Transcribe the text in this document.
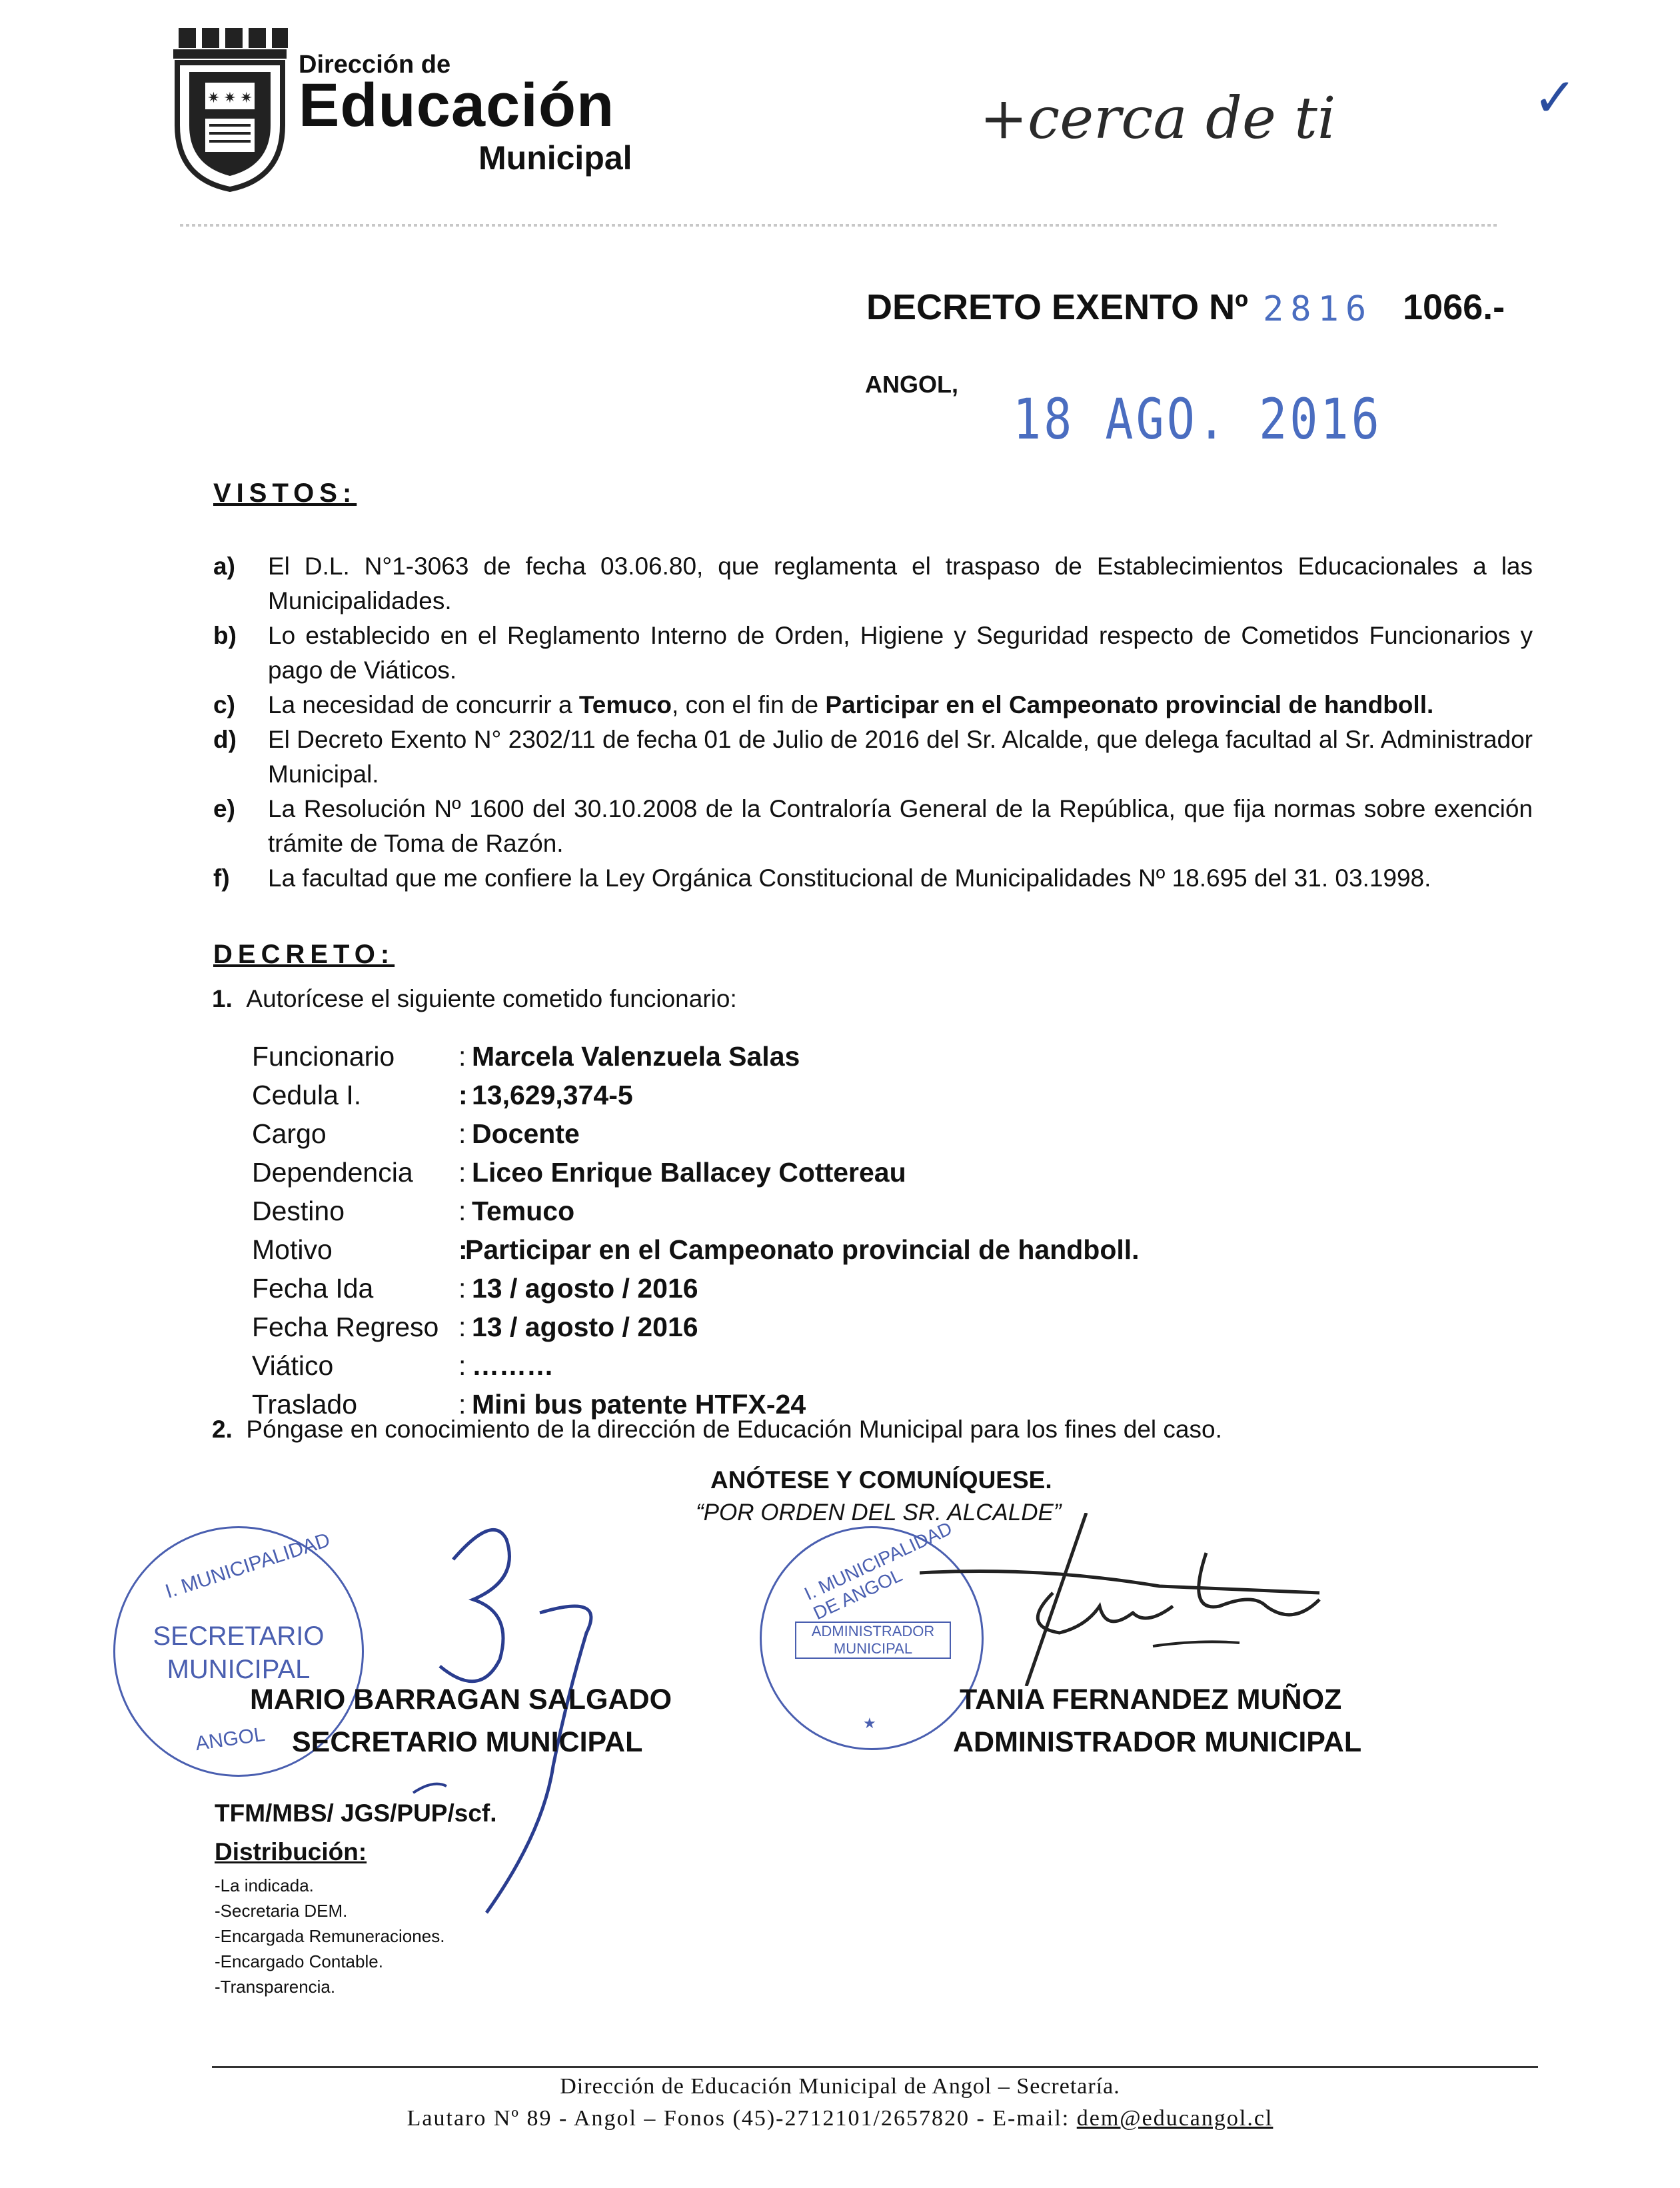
✷ ✷ ✷
Dirección de
Educación
Municipal
+cerca de ti	✓
DECRETO EXENTO Nº 2816 1066.-
ANGOL,
18 AGO. 2016
VISTOS:
a)	El D.L. N°1-3063 de fecha 03.06.80, que reglamenta el traspaso de Establecimientos Educacionales a las Municipalidades.
b)	Lo establecido en el Reglamento Interno de Orden, Higiene y Seguridad respecto de Cometidos Funcionarios y pago de Viáticos.
c)	La necesidad de concurrir a Temuco, con el fin de Participar en el Campeonato provincial de handboll.
d)	El Decreto Exento N° 2302/11 de fecha 01 de Julio de 2016 del Sr. Alcalde, que delega facultad al Sr. Administrador Municipal.
e)	La Resolución Nº 1600 del 30.10.2008 de la Contraloría General de la República, que fija normas sobre exención trámite de Toma de Razón.
f)	La facultad que me confiere la Ley Orgánica Constitucional de Municipalidades Nº 18.695 del 31. 03.1998.
DECRETO:
1. Autorícese el siguiente cometido funcionario:
Funcionario	: Marcela Valenzuela Salas
Cedula I.	: 13,629,374-5
Cargo	: Docente
Dependencia	: Liceo Enrique Ballacey Cottereau
Destino	: Temuco
Motivo	:
Participar en el Campeonato provincial de handboll.
Fecha Ida	: 13 / agosto / 2016
Fecha Regreso : 13 / agosto / 2016
Viático	: ………
Traslado	: Mini bus patente HTFX-24
2. Póngase en conocimiento de la dirección de Educación Municipal para los fines del caso.
ANÓTESE Y COMUNÍQUESE.
“POR ORDEN DEL SR. ALCALDE”
I. MUNICIPALIDAD
SECRETARIO
MUNICIPAL
ANGOL
I. MUNICIPALIDAD DE ANGOL
ADMINISTRADOR
MUNICIPAL
★
MARIO BARRAGAN SALGADO
SECRETARIO MUNICIPAL
TANIA FERNANDEZ MUÑOZ
ADMINISTRADOR MUNICIPAL
TFM/MBS/ JGS/PUP/scf.
Distribución:
-La indicada.
-Secretaria DEM.
-Encargada Remuneraciones.
-Encargado Contable.
-Transparencia.
Dirección de Educación Municipal de Angol – Secretaría.
Lautaro Nº 89 - Angol – Fonos (45)-2712101/2657820 - E-mail: dem@educangol.cl
